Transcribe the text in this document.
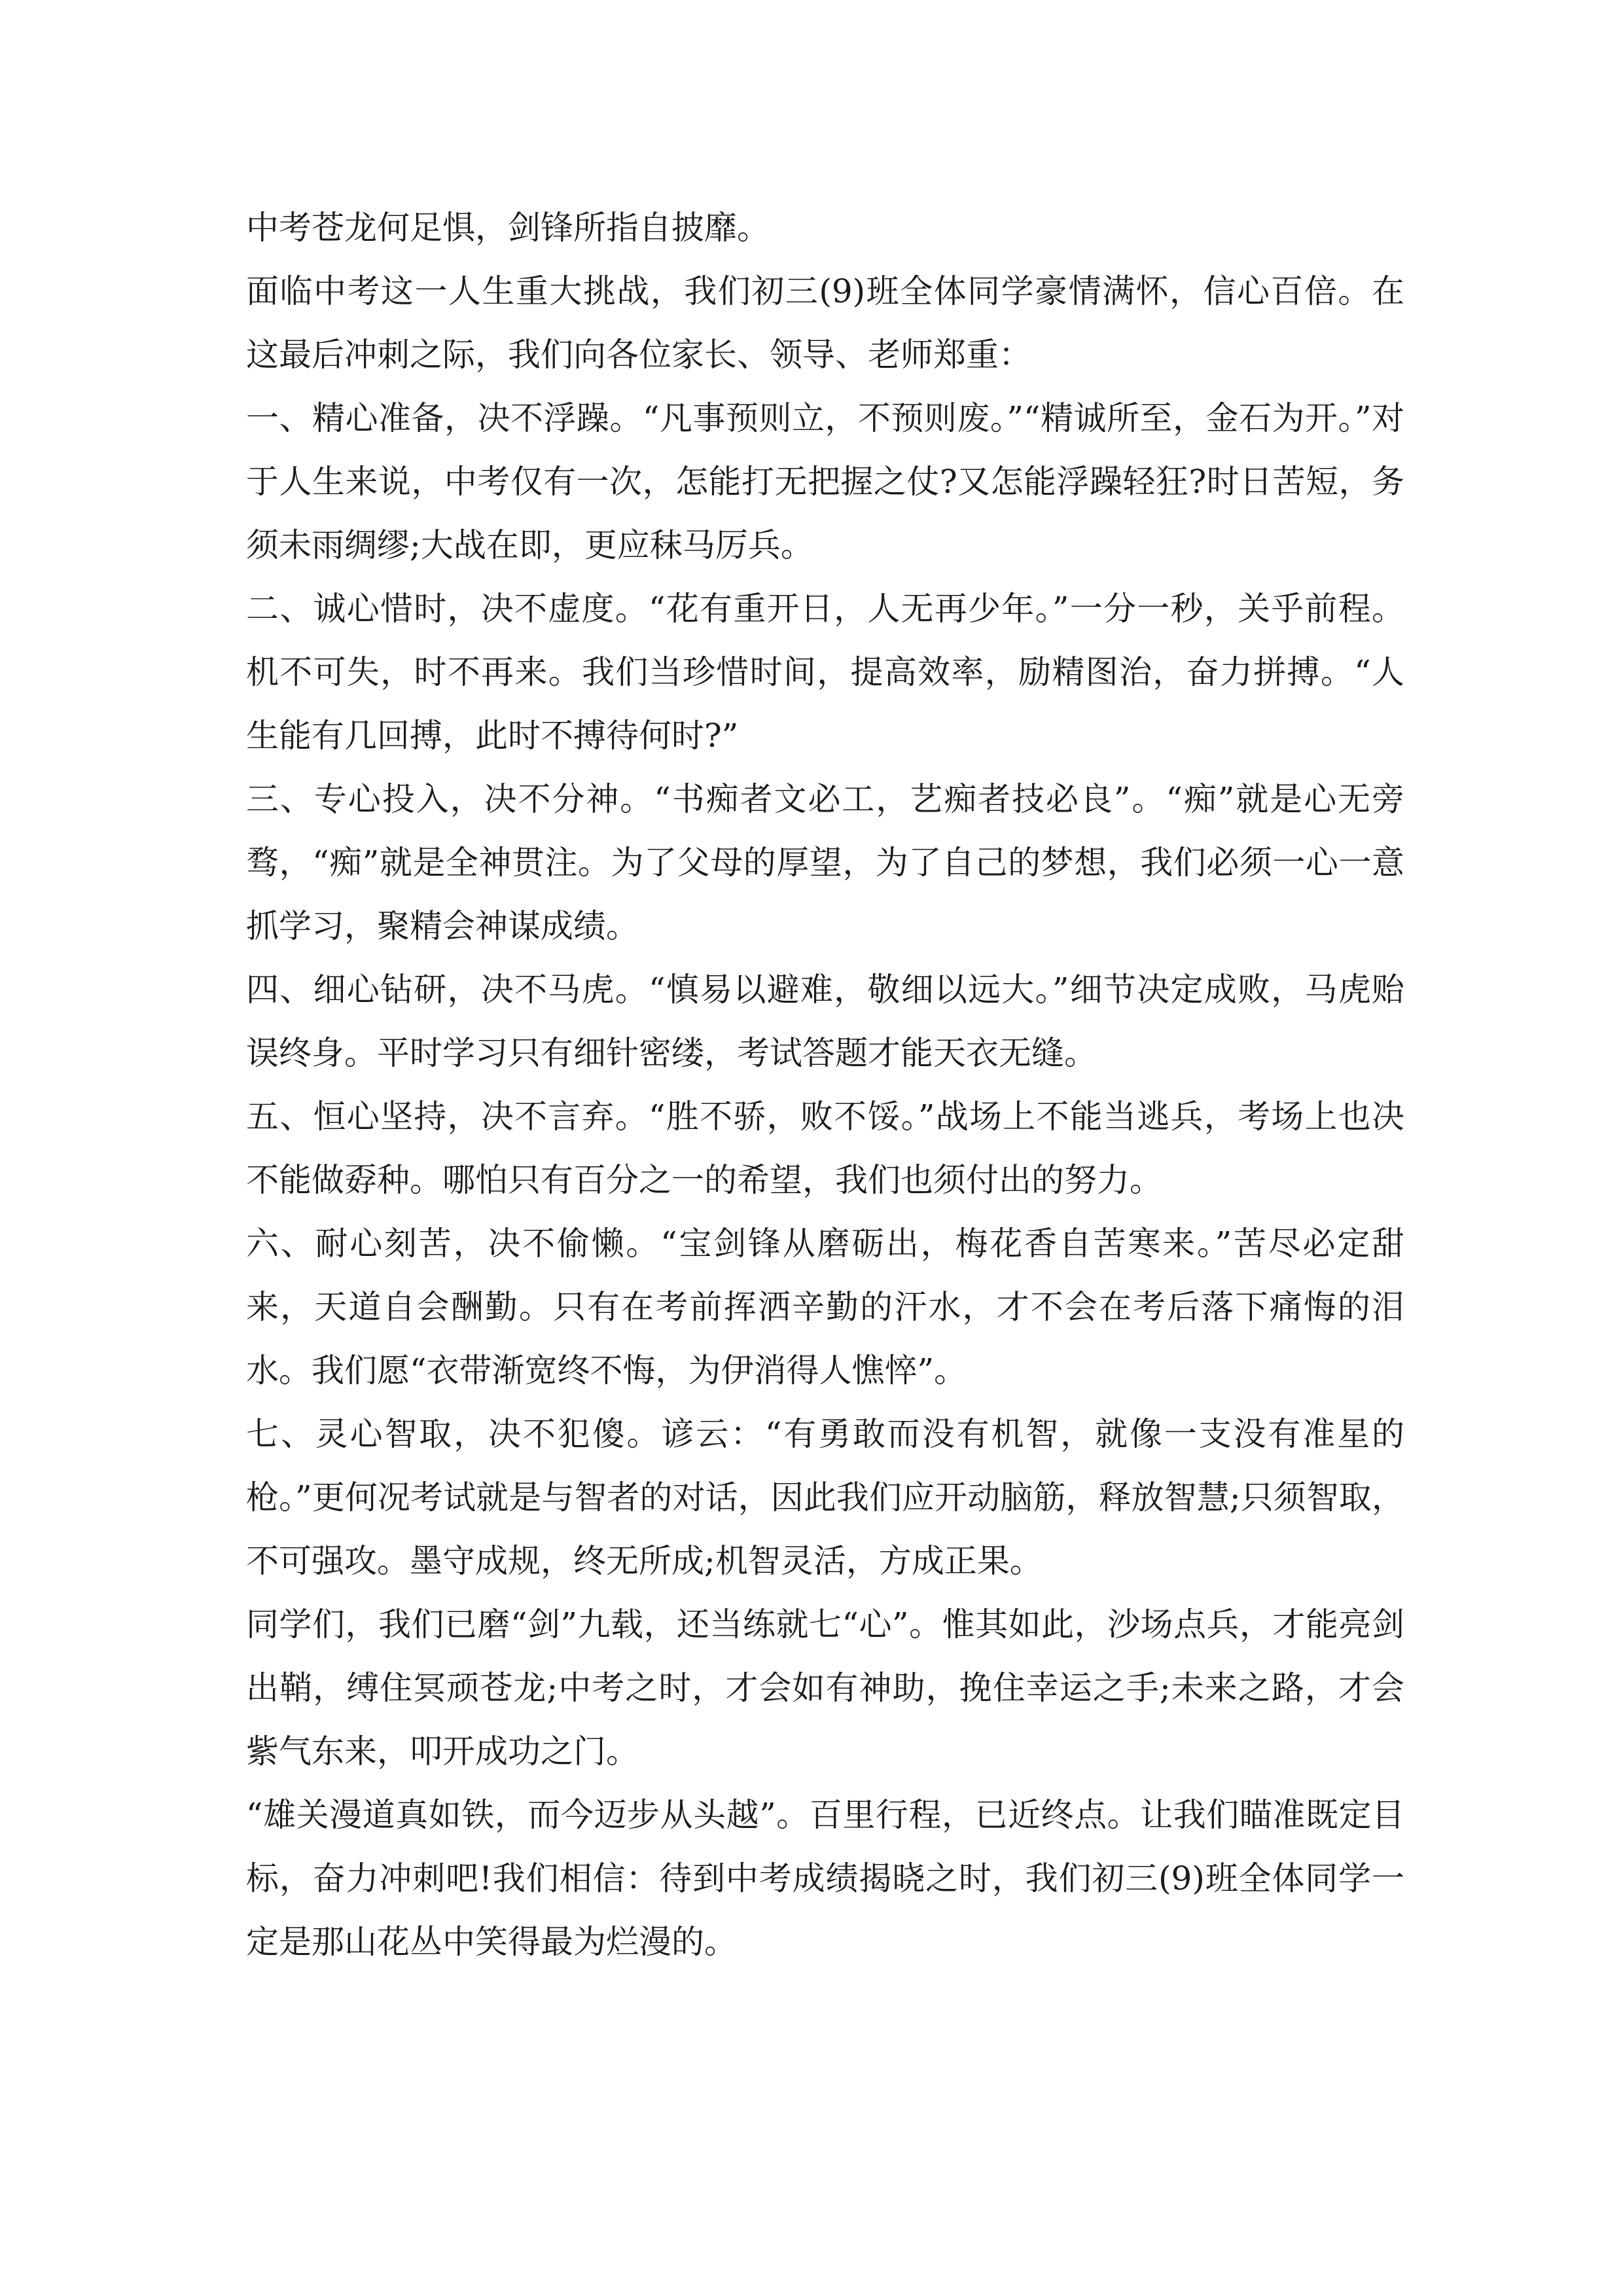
中考苍龙何足惧，剑锋所指自披靡。

面临中考这一人生重大挑战，我们初三(9)班全体同学豪情满怀，信心百倍。在这最后冲刺之际，我们向各位家长、领导、老师郑重：

一、精心准备，决不浮躁。“凡事预则立，不预则废。”“精诚所至，金石为开。”对于人生来说，中考仅有一次，怎能打无把握之仗?又怎能浮躁轻狂?时日苦短，务须未雨绸缪;大战在即，更应秣马厉兵。

二、诚心惜时，决不虚度。“花有重开日，人无再少年。”一分一秒，关乎前程。机不可失，时不再来。我们当珍惜时间，提高效率，励精图治，奋力拼搏。“人生能有几回搏，此时不搏待何时?”

三、专心投入，决不分神。“书痴者文必工，艺痴者技必良”。“痴”就是心无旁骛，“痴”就是全神贯注。为了父母的厚望，为了自己的梦想，我们必须一心一意抓学习，聚精会神谋成绩。

四、细心钻研，决不马虎。“慎易以避难，敬细以远大。”细节决定成败，马虎贻误终身。平时学习只有细针密缕，考试答题才能天衣无缝。

五、恒心坚持，决不言弃。“胜不骄，败不馁。”战场上不能当逃兵，考场上也决不能做孬种。哪怕只有百分之一的希望，我们也须付出的努力。

六、耐心刻苦，决不偷懒。“宝剑锋从磨砺出，梅花香自苦寒来。”苦尽必定甜来，天道自会酬勤。只有在考前挥洒辛勤的汗水，才不会在考后落下痛悔的泪水。我们愿“衣带渐宽终不悔，为伊消得人憔悴”。

七、灵心智取，决不犯傻。谚云：“有勇敢而没有机智，就像一支没有准星的枪。”更何况考试就是与智者的对话，因此我们应开动脑筋，释放智慧;只须智取，不可强攻。墨守成规，终无所成;机智灵活，方成正果。

同学们，我们已磨“剑”九载，还当练就七“心”。惟其如此，沙场点兵，才能亮剑出鞘，缚住冥顽苍龙;中考之时，才会如有神助，挽住幸运之手;未来之路，才会紫气东来，叩开成功之门。

“雄关漫道真如铁，而今迈步从头越”。百里行程，已近终点。让我们瞄准既定目标，奋力冲刺吧!我们相信：待到中考成绩揭晓之时，我们初三(9)班全体同学一定是那山花丛中笑得最为烂漫的。
